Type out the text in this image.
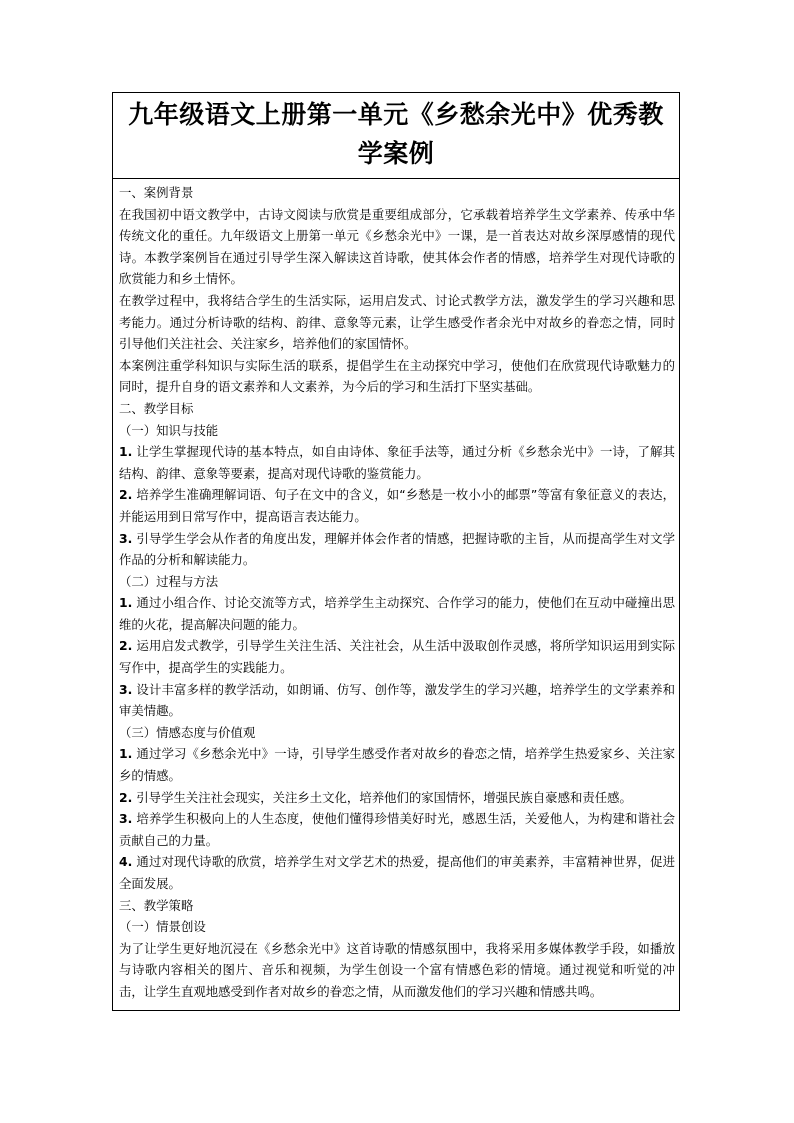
九年级语文上册第一单元《乡愁余光中》优秀教学案例

一、案例背景

在我国初中语文教学中，古诗文阅读与欣赏是重要组成部分，它承载着培养学生文学素养、传承中华传统文化的重任。九年级语文上册第一单元《乡愁余光中》一课，是一首表达对故乡深厚感情的现代诗。本教学案例旨在通过引导学生深入解读这首诗歌，使其体会作者的情感，培养学生对现代诗歌的欣赏能力和乡土情怀。

在教学过程中，我将结合学生的生活实际，运用启发式、讨论式教学方法，激发学生的学习兴趣和思考能力。通过分析诗歌的结构、韵律、意象等元素，让学生感受作者余光中对故乡的眷恋之情，同时引导他们关注社会、关注家乡，培养他们的家国情怀。

本案例注重学科知识与实际生活的联系，提倡学生在主动探究中学习，使他们在欣赏现代诗歌魅力的同时，提升自身的语文素养和人文素养，为今后的学习和生活打下坚实基础。

二、教学目标

（一）知识与技能

1. 让学生掌握现代诗的基本特点，如自由诗体、象征手法等，通过分析《乡愁余光中》一诗，了解其结构、韵律、意象等要素，提高对现代诗歌的鉴赏能力。

2. 培养学生准确理解词语、句子在文中的含义，如“乡愁是一枚小小的邮票”等富有象征意义的表达，并能运用到日常写作中，提高语言表达能力。

3. 引导学生学会从作者的角度出发，理解并体会作者的情感，把握诗歌的主旨，从而提高学生对文学作品的分析和解读能力。

（二）过程与方法

1. 通过小组合作、讨论交流等方式，培养学生主动探究、合作学习的能力，使他们在互动中碰撞出思维的火花，提高解决问题的能力。

2. 运用启发式教学，引导学生关注生活、关注社会，从生活中汲取创作灵感，将所学知识运用到实际写作中，提高学生的实践能力。

3. 设计丰富多样的教学活动，如朗诵、仿写、创作等，激发学生的学习兴趣，培养学生的文学素养和审美情趣。

（三）情感态度与价值观

1. 通过学习《乡愁余光中》一诗，引导学生感受作者对故乡的眷恋之情，培养学生热爱家乡、关注家乡的情感。

2. 引导学生关注社会现实，关注乡土文化，培养他们的家国情怀，增强民族自豪感和责任感。

3. 培养学生积极向上的人生态度，使他们懂得珍惜美好时光，感恩生活，关爱他人，为构建和谐社会贡献自己的力量。

4. 通过对现代诗歌的欣赏，培养学生对文学艺术的热爱，提高他们的审美素养，丰富精神世界，促进全面发展。

三、教学策略

（一）情景创设

为了让学生更好地沉浸在《乡愁余光中》这首诗歌的情感氛围中，我将采用多媒体教学手段，如播放与诗歌内容相关的图片、音乐和视频，为学生创设一个富有情感色彩的情境。通过视觉和听觉的冲击，让学生直观地感受到作者对故乡的眷恋之情，从而激发他们的学习兴趣和情感共鸣。
